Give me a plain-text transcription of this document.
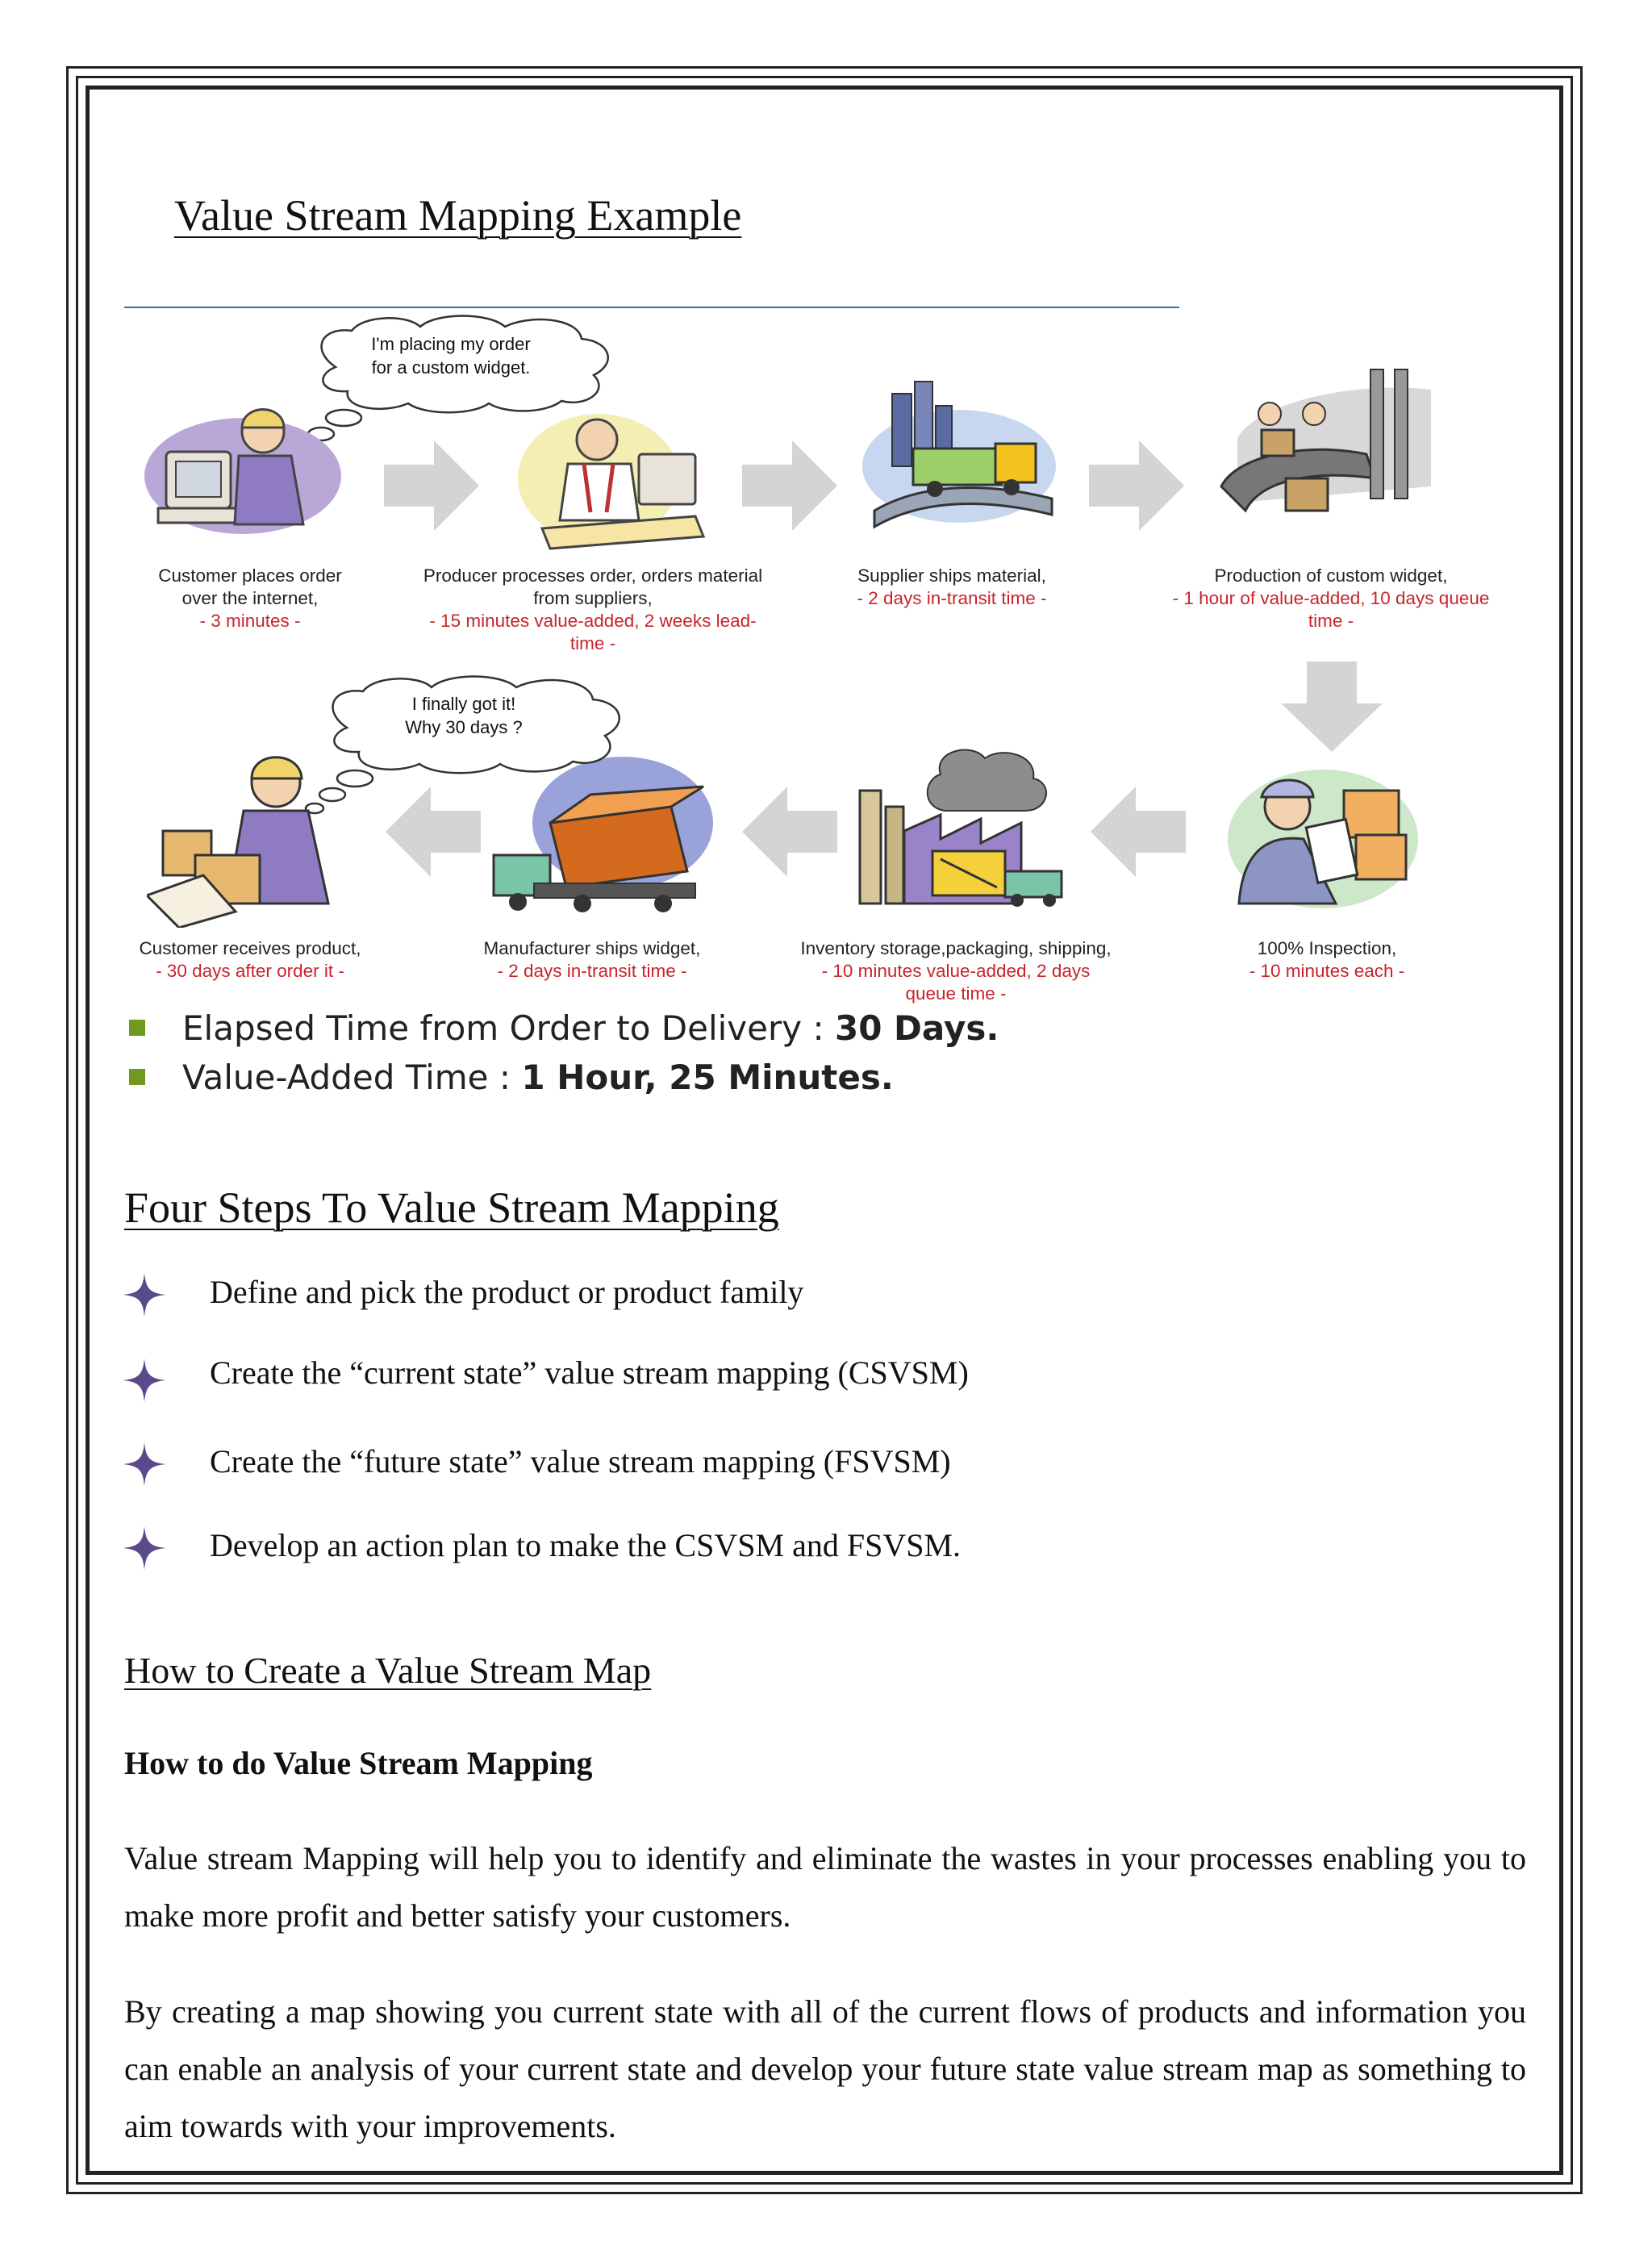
Value Stream Mapping Example
I'm placing my order
for a custom widget.
I finally got it!
Why 30 days ?
Customer places order
over the internet,
- 3 minutes -
Producer processes order, orders material
from suppliers,
- 15 minutes value-added, 2 weeks lead-
time -
Supplier ships material,
- 2 days in-transit time -
Production of custom widget,
- 1 hour of value-added, 10 days queue
time -
100% Inspection,
- 10 minutes each -
Inventory storage,packaging, shipping,
- 10 minutes value-added, 2 days
queue time -
Manufacturer ships widget,
- 2 days in-transit time -
Customer receives product,
- 30 days after order it -
Elapsed Time from Order to Delivery : 30 Days.
Value-Added Time : 1 Hour, 25 Minutes.
Four Steps To Value Stream Mapping
Define and pick the product or product family
Create the “current state” value stream mapping (CSVSM)
Create the “future state” value stream mapping (FSVSM)
Develop an action plan to make the CSVSM and FSVSM.
How to Create a Value Stream Map
How to do Value Stream Mapping
Value stream Mapping will help you to identify and eliminate the wastes in your processes enabling you to make more profit and better satisfy your customers.
By creating a map showing you current state with all of the current flows of products and information you can enable an analysis of your current state and develop your future state value stream map as something to aim towards with your improvements.
